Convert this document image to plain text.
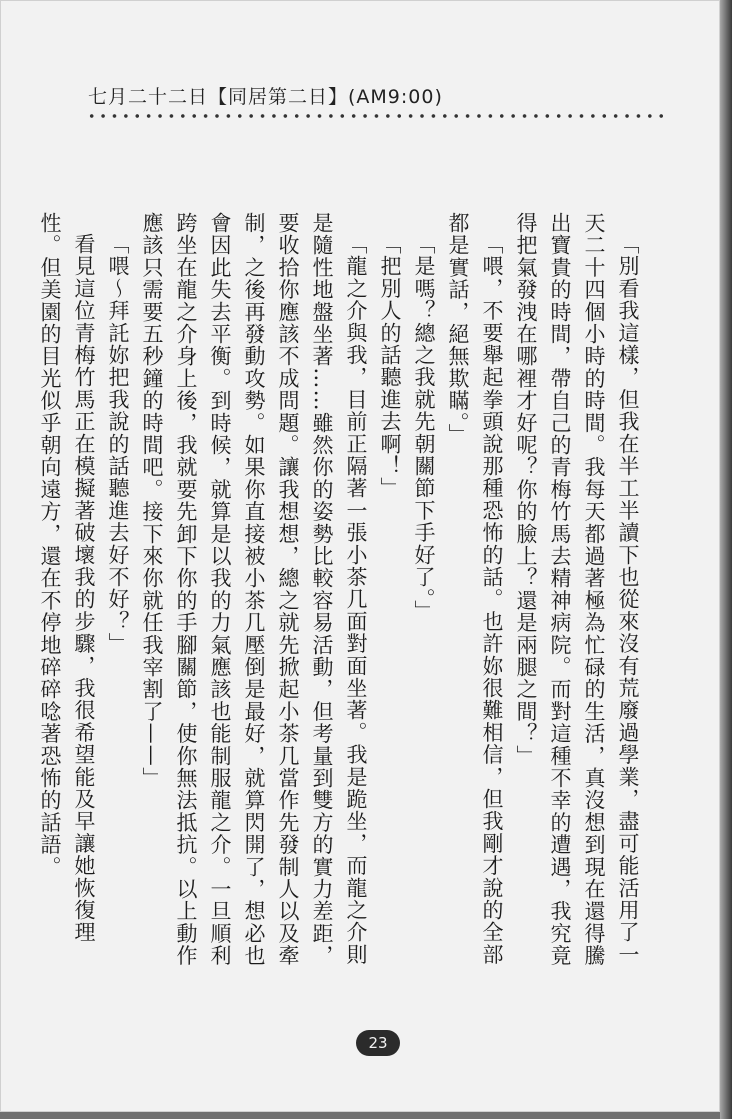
七月二十二日【同居第二日】(AM9:00)

「別看我這樣，但我在半工半讀下也從來沒有荒廢過學業，盡可能活用了一天二十四個小時的時間。我每天都過著極為忙碌的生活，真沒想到現在還得騰出寶貴的時間，帶自己的青梅竹馬去精神病院。而對這種不幸的遭遇，我究竟得把氣發洩在哪裡才好呢？你的臉上？還是兩腿之間？」

「喂，不要舉起拳頭說那種恐怖的話。也許妳很難相信，但我剛才說的全部都是實話，絕無欺瞞。」

「是嗎？總之我就先朝關節下手好了。」

「把別人的話聽進去啊！」

「龍之介與我，目前正隔著一張小茶几面對面坐著。我是跪坐，而龍之介則是隨性地盤坐著……雖然你的姿勢比較容易活動，但考量到雙方的實力差距，要收拾你應該不成問題。讓我想想，總之就先掀起小茶几當作先發制人以及牽制，之後再發動攻勢。如果你直接被小茶几壓倒是最好，就算閃開了，想必也會因此失去平衡。到時候，就算是以我的力氣應該也能制服龍之介。一旦順利跨坐在龍之介身上後，我就要先卸下你的手腳關節，使你無法抵抗。以上動作應該只需要五秒鐘的時間吧。接下來你就任我宰割了——」

「喂～拜託妳把我說的話聽進去好不好？」

看見這位青梅竹馬正在模擬著破壞我的步驟，我很希望能及早讓她恢復理性。但美園的目光似乎朝向遠方，還在不停地碎碎唸著恐怖的話語。

23
